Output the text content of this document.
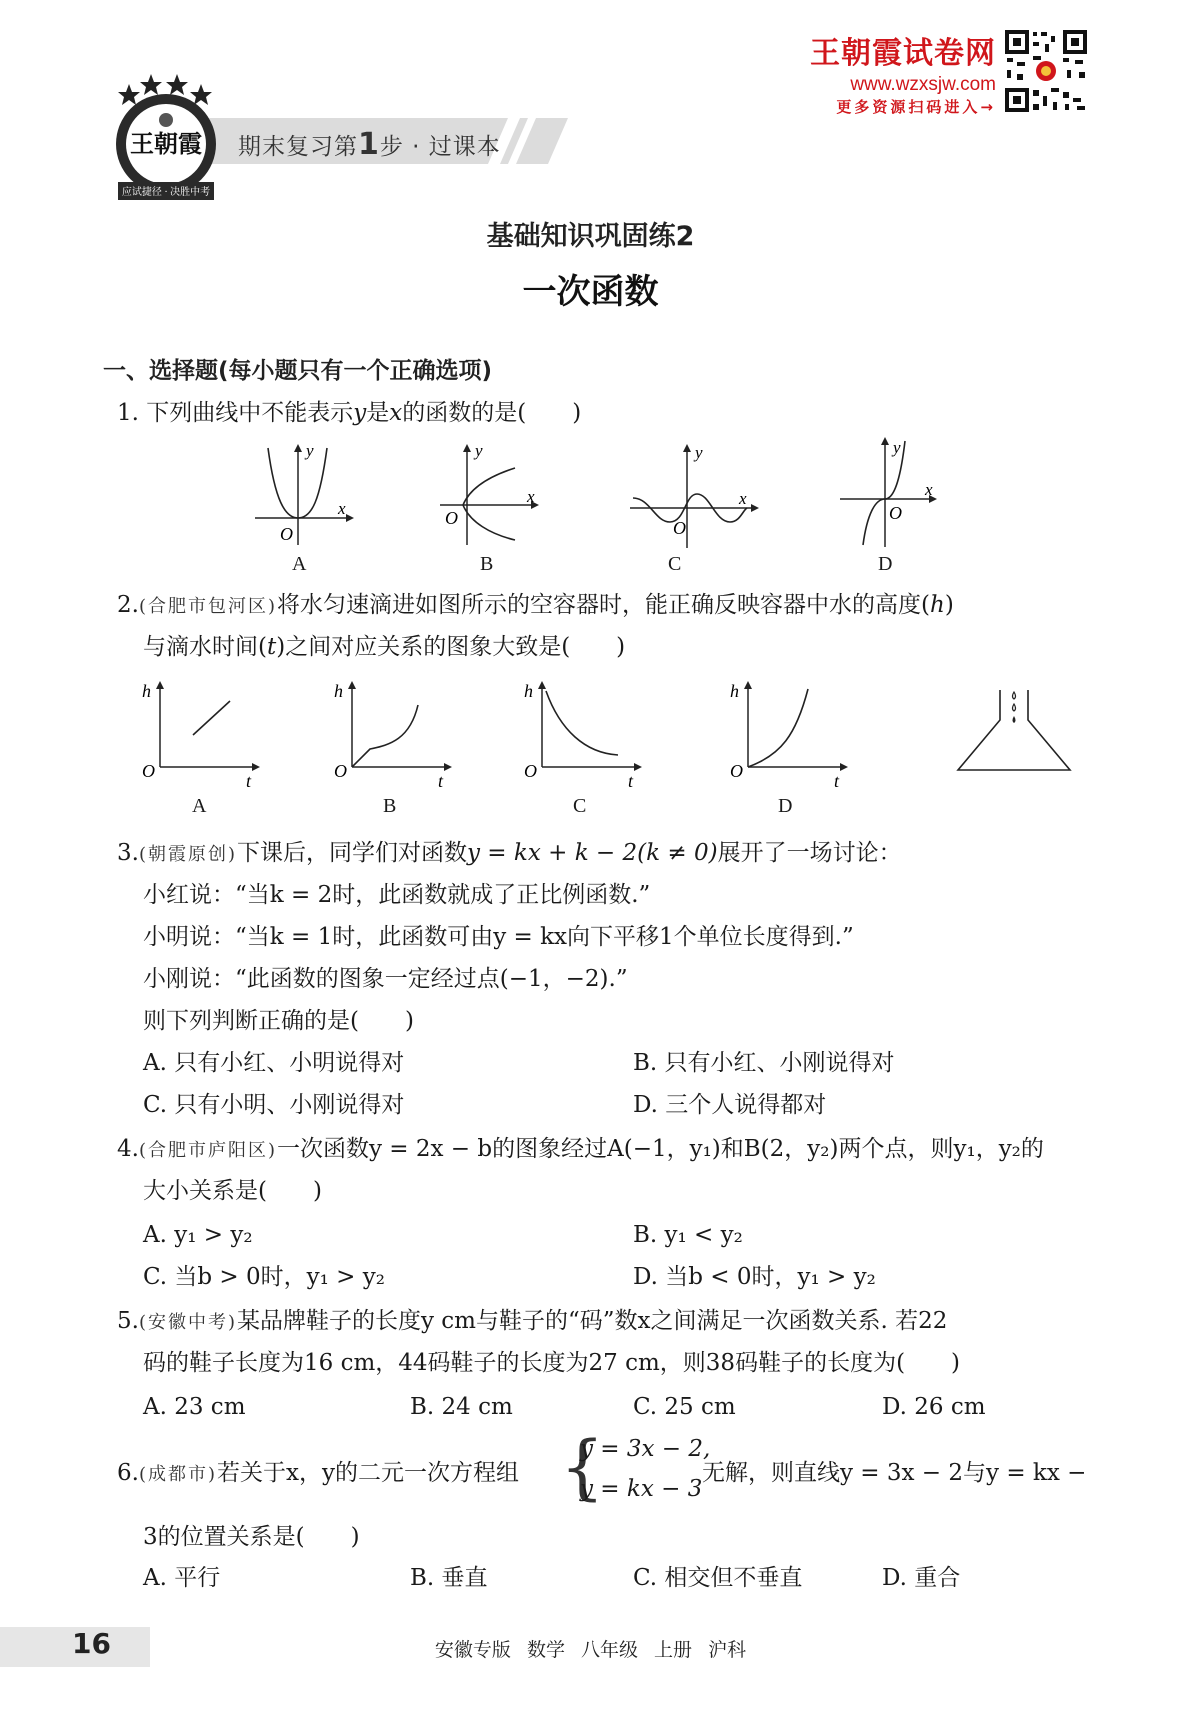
王朝霞试卷网
www.wzxsjw.com
更多资源扫码进入→
期末复习第1步 · 过课本
王朝霞
应试捷径 · 决胜中考
基础知识巩固练2
一次函数
一、选择题(每小题只有一个正确选项)
1. 下列曲线中不能表示y是x的函数的是(　　)
y
x
O
A
y
x
O
B
y
x
O
C
y
x
O
D
2.(合肥市包河区)将水匀速滴进如图所示的空容器时，能正确反映容器中水的高度(h)
与滴水时间(t)之间对应关系的图象大致是(　　)
h
t
O
A
h
t
O
B
h
t
O
C
h
t
O
D
3.(朝霞原创)下课后，同学们对函数y = kx + k − 2(k ≠ 0)展开了一场讨论：
小红说：“当k = 2时，此函数就成了正比例函数.”
小明说：“当k = 1时，此函数可由y = kx向下平移1个单位长度得到.”
小刚说：“此函数的图象一定经过点(−1，−2).”
则下列判断正确的是(　　)
A. 只有小红、小明说得对	B. 只有小红、小刚说得对
C. 只有小明、小刚说得对	D. 三个人说得都对
4.(合肥市庐阳区)一次函数y = 2x − b的图象经过A(−1，y₁)和B(2，y₂)两个点，则y₁，y₂的
大小关系是(　　)
A. y₁ > y₂	B. y₁ < y₂
C. 当b > 0时，y₁ > y₂	D. 当b < 0时，y₁ > y₂
5.(安徽中考)某品牌鞋子的长度y cm与鞋子的“码”数x之间满足一次函数关系. 若22
码的鞋子长度为16 cm，44码鞋子的长度为27 cm，则38码鞋子的长度为(　　)
A. 23 cm	B. 24 cm	C. 25 cm	D. 26 cm
6.(成都市)若关于x，y的二元一次方程组 {
y = 3x − 2,
y = kx − 3
无解，则直线y = 3x − 2与y = kx −
3的位置关系是(　　)
A. 平行	B. 垂直	C. 相交但不垂直	D. 重合
16	安徽专版 数学 八年级 上册 沪科
